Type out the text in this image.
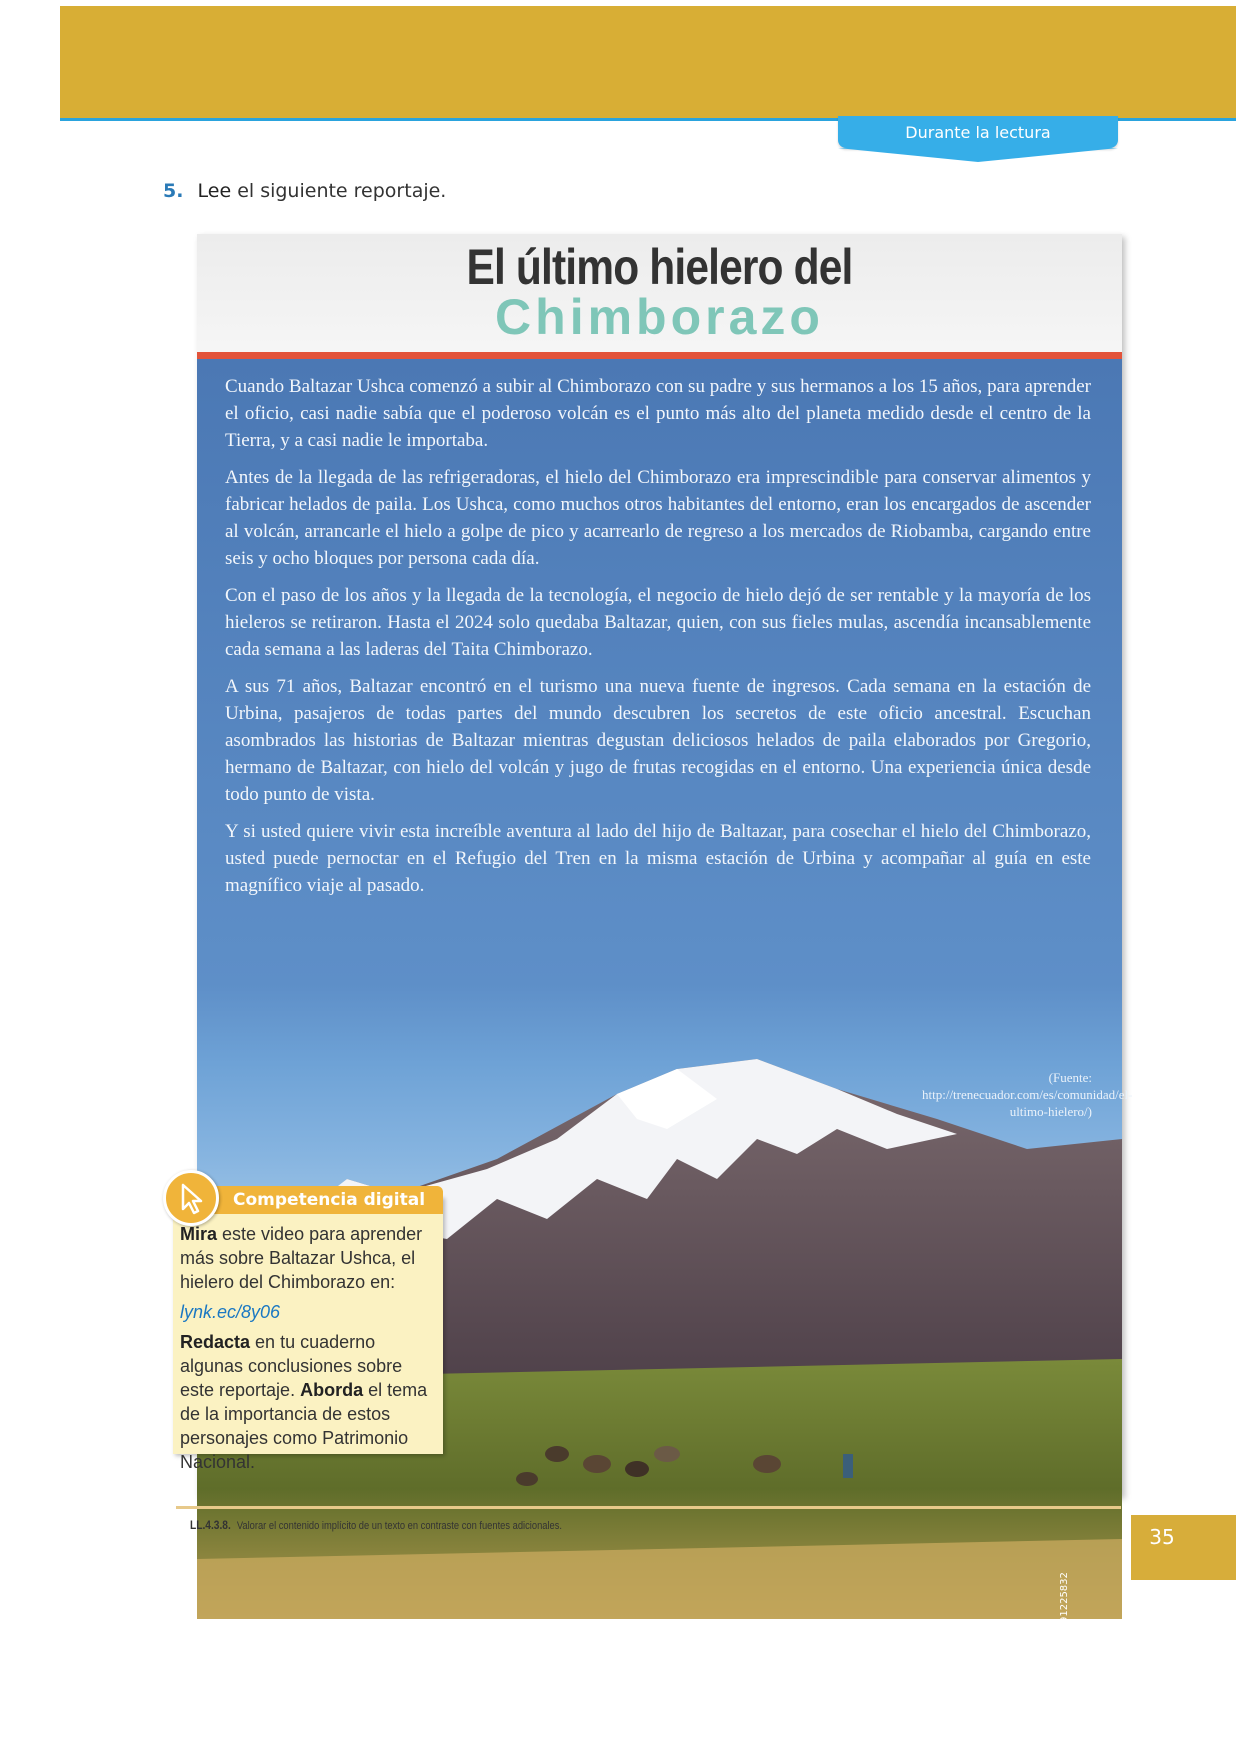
Durante la lectura
5. Lee el siguiente reportaje.
El último hielero del
Chimborazo

Cuando Baltazar Ushca comenzó a subir al Chimborazo con su padre y sus hermanos a los 15 años, para aprender el oficio, casi nadie sabía que el poderoso volcán es el punto más alto del planeta medido desde el centro de la Tierra, y a casi nadie le importaba.

Antes de la llegada de las refrigeradoras, el hielo del Chimborazo era imprescindible para conservar alimentos y fabricar helados de paila. Los Ushca, como muchos otros habitantes del entorno, eran los encargados de ascender al volcán, arrancarle el hielo a golpe de pico y acarrearlo de regreso a los mercados de Riobamba, cargando entre seis y ocho bloques por persona cada día.

Con el paso de los años y la llegada de la tecnología, el negocio de hielo dejó de ser rentable y la mayoría de los hieleros se retiraron. Hasta el 2024 solo quedaba Baltazar, quien, con sus fieles mulas, ascendía incansablemente cada semana a las laderas del Taita Chimborazo.

A sus 71 años, Baltazar encontró en el turismo una nueva fuente de ingresos. Cada semana en la estación de Urbina, pasajeros de todas partes del mundo descubren los secretos de este oficio ancestral. Escuchan asombrados las historias de Baltazar mientras degustan deliciosos helados de paila elaborados por Gregorio, hermano de Baltazar, con hielo del volcán y jugo de frutas recogidas en el entorno. Una experiencia única desde todo punto de vista.

Y si usted quiere vivir esta increíble aventura al lado del hijo de Baltazar, para cosechar el hielo del Chimborazo, usted puede pernoctar en el Refugio del Tren en la misma estación de Urbina y acompañar al guía en este magnífico viaje al pasado.

(Fuente: http://trenecuador.com/es/comunidad/el-ultimo-hielero/)
Shutterstock, (2020). 291225832
Competencia digital

Mira este video para aprender más sobre Baltazar Ushca, el hielero del Chimborazo en:

lynk.ec/8y06

Redacta en tu cuaderno algunas conclusiones sobre este reportaje. Aborda el tema de la importancia de estos personajes como Patrimonio Nacional.

LL.4.3.8. Valorar el contenido implícito de un texto en contraste con fuentes adicionales.	35
